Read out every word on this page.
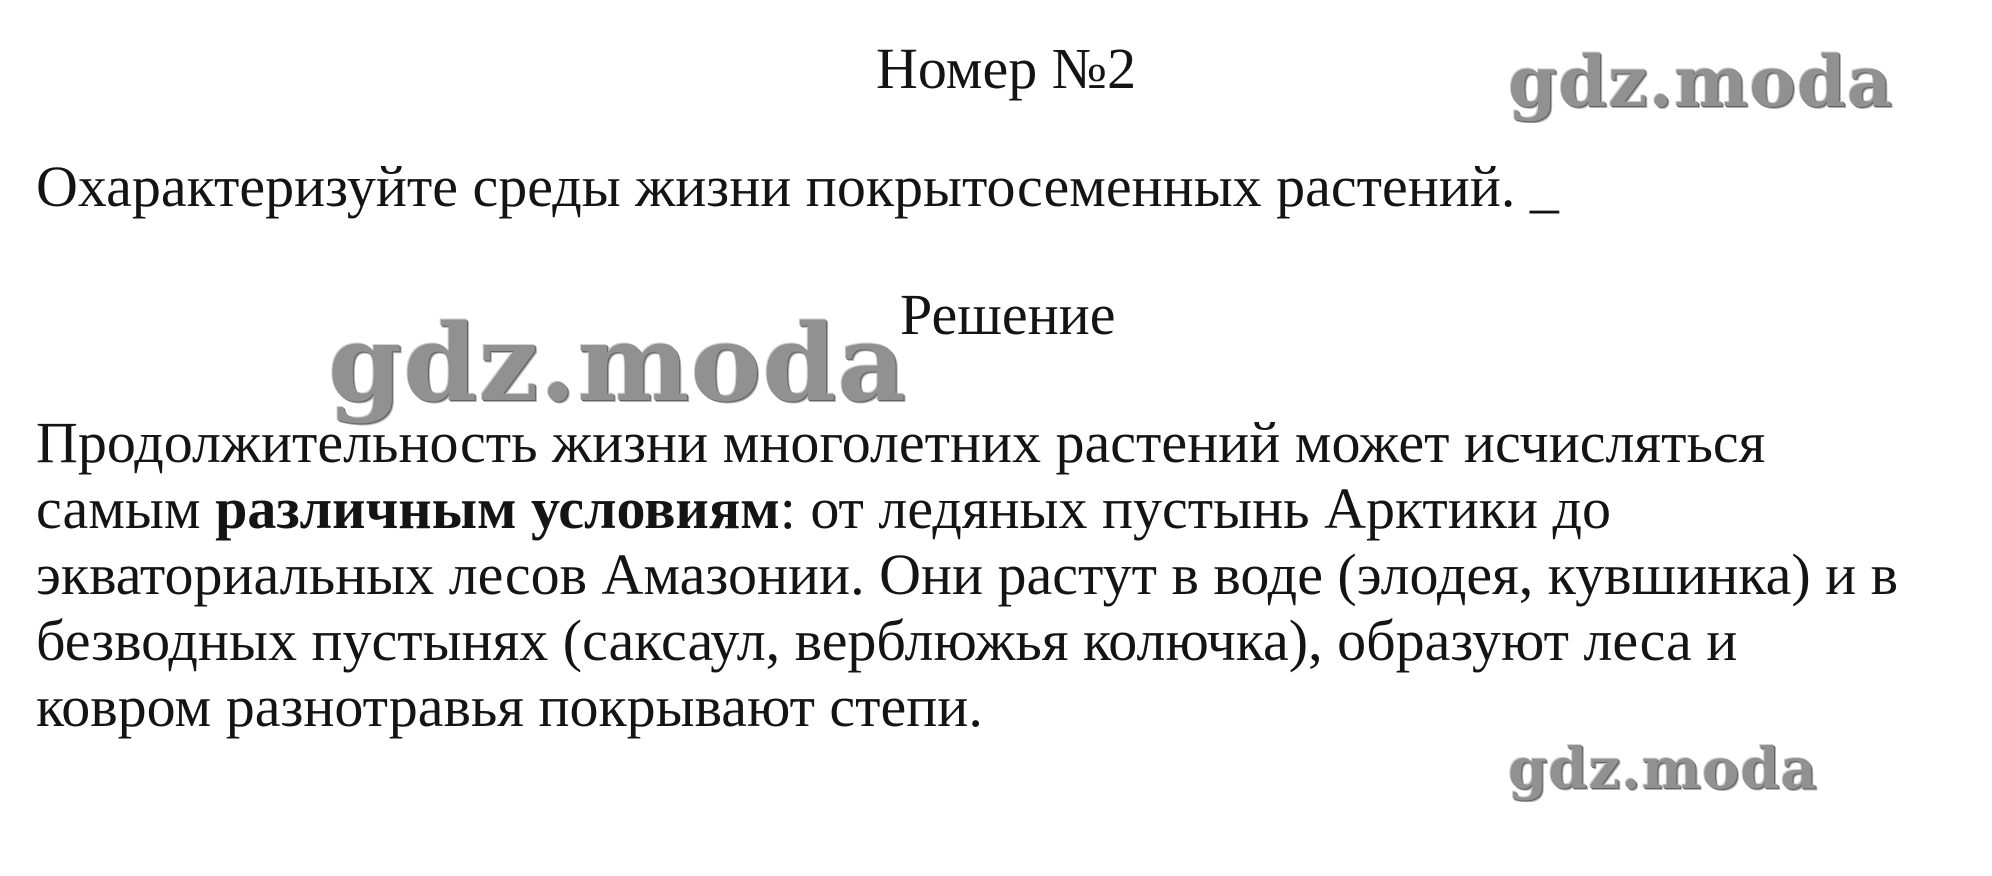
Номер №2	gdz.moda
Охарактеризуйте среды жизни покрытосеменных растений. _
gdz.moda
Решение

Продолжительность жизни многолетних растений может исчисляться
самым различным условиям: от ледяных пустынь Арктики до
экваториальных лесов Амазонии. Они растут в воде (элодея, кувшинка) и в
безводных пустынях (саксаул, верблюжья колючка), образуют леса и
ковром разнотравья покрывают степи.

gdz.moda
